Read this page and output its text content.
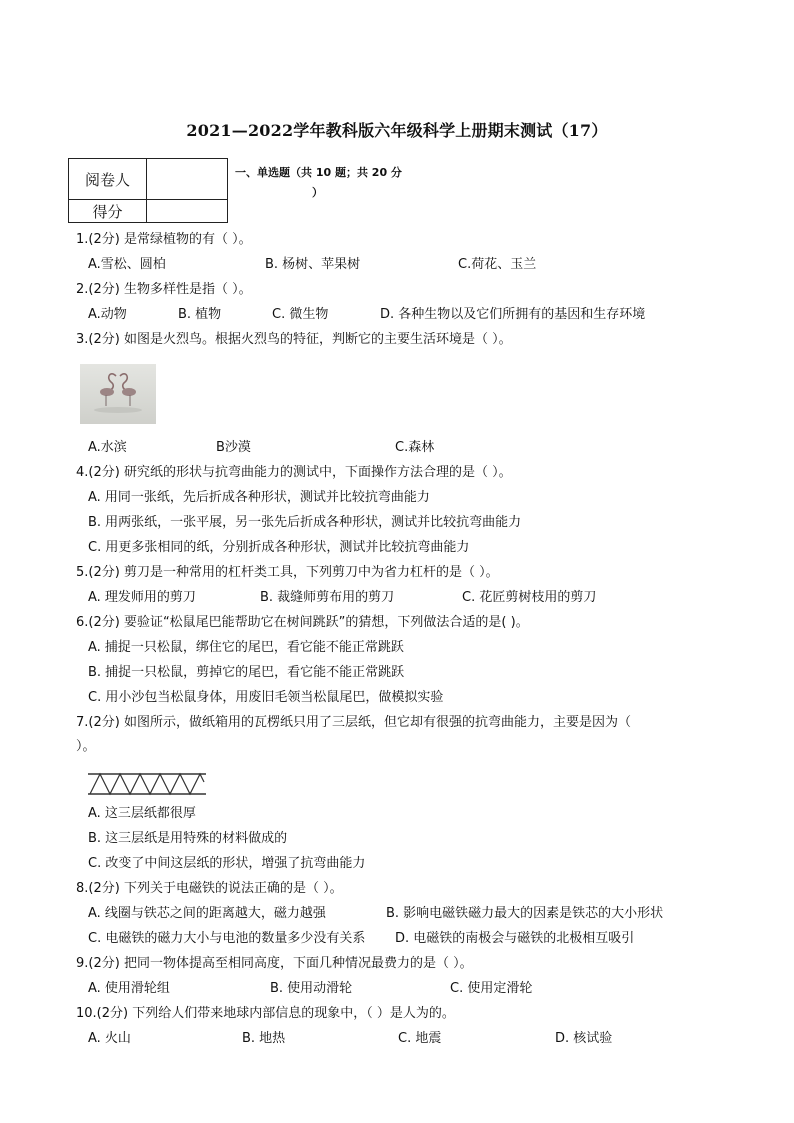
2021—2022学年教科版六年级科学上册期末测试（17）
阅卷人	
得分	
一、单选题（共 10 题；共 20 分
）
1.(2分) 是常绿植物的有（ ）。
A.雪松、圆柏	B. 杨树、苹果树	C.荷花、玉兰
2.(2分) 生物多样性是指（ ）。
A.动物	B. 植物	C. 微生物	D. 各种生物以及它们所拥有的基因和生存环境
3.(2分) 如图是火烈鸟。根据火烈鸟的特征，判断它的主要生活环境是（ ）。
A.水滨	B沙漠	C.森林
4.(2分) 研究纸的形状与抗弯曲能力的测试中，下面操作方法合理的是（ ）。
A. 用同一张纸，先后折成各种形状，测试并比较抗弯曲能力
B. 用两张纸，一张平展，另一张先后折成各种形状，测试并比较抗弯曲能力
C. 用更多张相同的纸，分别折成各种形状，测试并比较抗弯曲能力
5.(2分) 剪刀是一种常用的杠杆类工具，下列剪刀中为省力杠杆的是（ ）。
A. 理发师用的剪刀	B. 裁缝师剪布用的剪刀	C. 花匠剪树枝用的剪刀
6.(2分) 要验证“松鼠尾巴能帮助它在树间跳跃”的猜想，下列做法合适的是( )。
A. 捕捉一只松鼠，绑住它的尾巴，看它能不能正常跳跃
B. 捕捉一只松鼠，剪掉它的尾巴，看它能不能正常跳跃
C. 用小沙包当松鼠身体，用废旧毛领当松鼠尾巴，做模拟实验
7.(2分) 如图所示，做纸箱用的瓦楞纸只用了三层纸，但它却有很强的抗弯曲能力，主要是因为（
）。
A. 这三层纸都很厚
B. 这三层纸是用特殊的材料做成的
C. 改变了中间这层纸的形状，增强了抗弯曲能力
8.(2分) 下列关于电磁铁的说法正确的是（ ）。
A. 线圈与铁芯之间的距离越大，磁力越强	B. 影响电磁铁磁力最大的因素是铁芯的大小形状
C. 电磁铁的磁力大小与电池的数量多少没有关系 D. 电磁铁的南极会与磁铁的北极相互吸引
9.(2分) 把同一物体提高至相同高度，下面几种情况最费力的是（ ）。
A. 使用滑轮组	B. 使用动滑轮	C. 使用定滑轮
10.(2分) 下列给人们带来地球内部信息的现象中，（ ）是人为的。
A. 火山	B. 地热	C. 地震	D. 核试验
